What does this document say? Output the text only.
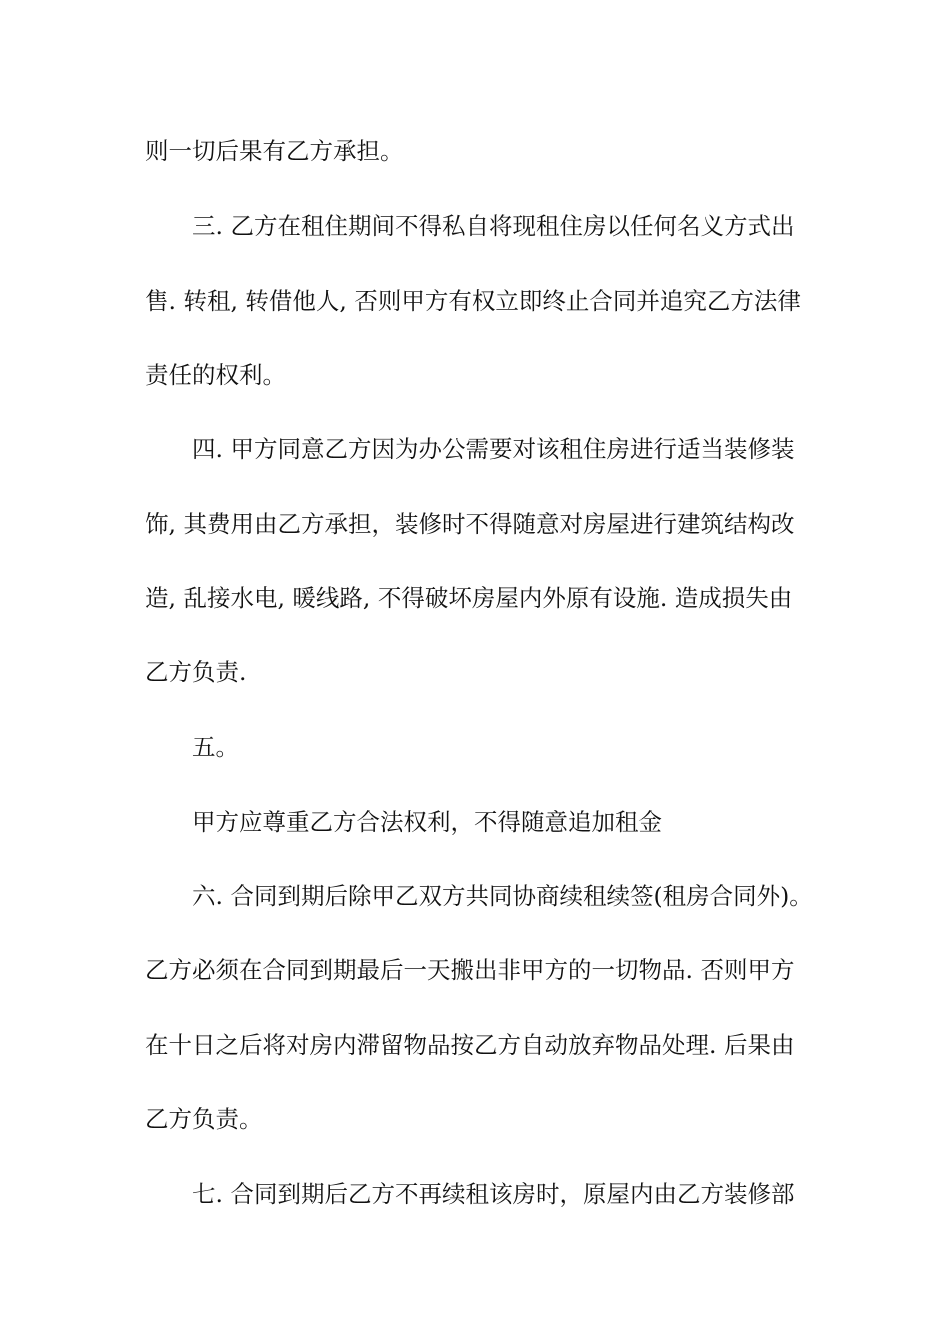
则一切后果有乙方承担。
三. 乙方在租住期间不得私自将现租住房以任何名义方式出
售. 转租, 转借他人, 否则甲方有权立即终止合同并追究乙方法律
责任的权利。
四. 甲方同意乙方因为办公需要对该租住房进行适当装修装
饰, 其费用由乙方承担，装修时不得随意对房屋进行建筑结构改
造, 乱接水电, 暖线路, 不得破坏房屋内外原有设施. 造成损失由
乙方负责.
五。
甲方应尊重乙方合法权利，不得随意追加租金
六. 合同到期后除甲乙双方共同协商续租续签(租房合同外)。
乙方必须在合同到期最后一天搬出非甲方的一切物品. 否则甲方
在十日之后将对房内滞留物品按乙方自动放弃物品处理. 后果由
乙方负责。
七. 合同到期后乙方不再续租该房时，原屋内由乙方装修部
